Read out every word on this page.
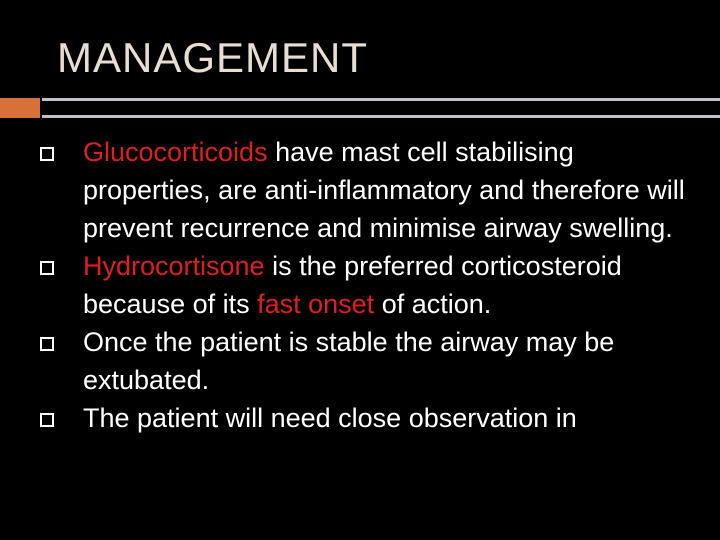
MANAGEMENT
Glucocorticoids have mast cell stabilising properties, are anti-inflammatory and therefore will prevent recurrence and minimise airway swelling.
Hydrocortisone is the preferred corticosteroid because of its fast onset of action.
Once the patient is stable the airway may be extubated.
The patient will need close observation in
